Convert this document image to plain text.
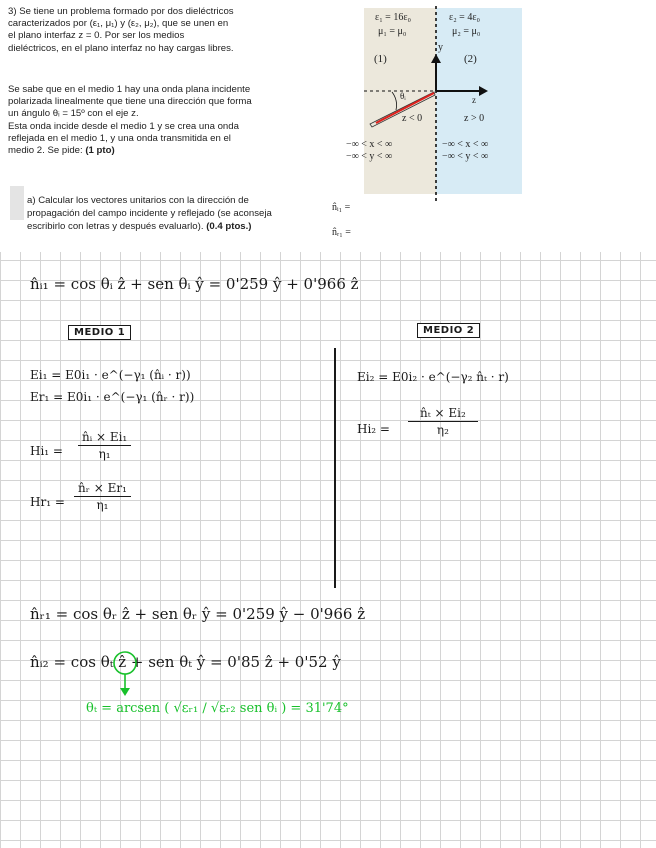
3) Se tiene un problema formado por dos dieléctricos
caracterizados por (ε₁, μ₁) y (ε₂, μ₂), que se unen en
el plano interfaz z = 0. Por ser los medios
dieléctricos, en el plano interfaz no hay cargas libres.
Se sabe que en el medio 1 hay una onda plana incidente
polarizada linealmente que tiene una dirección que forma
un ángulo θᵢ = 15º con el eje z.
Esta onda incide desde el medio 1 y se crea una onda
reflejada en el medio 1, y una onda transmitida en el
medio 2. Se pide: (1 pto)
ε₁ = 16ε₀
μ₁ = μ₀
ε₂ = 4ε₀
μ₂ = μ₀
(1)	(2)
y
z
θᵢ
z < 0	z > 0
−∞ < x < ∞
−∞ < y < ∞
−∞ < x < ∞
−∞ < y < ∞
a) Calcular los vectores unitarios con la dirección de
propagación del campo incidente y reflejado (se aconseja
escribirlo con letras y después evaluarlo). (0.4 ptos.)
n̂ᵢ₁ =
n̂ᵣ₁ =
n̂ᵢ₁ = cos θᵢ ẑ + sen θᵢ ŷ = 0'259 ŷ + 0'966 ẑ
MEDIO 1	MEDIO 2
Ei₁ = E0i₁ · e^(−γ₁ (n̂ᵢ · r))
Er₁ = E0i₁ · e^(−γ₁ (n̂ᵣ · r))
$Hi_1 = \frac{\text{n̂ᵢ × Ei₁}}{\text{η₁}}$
$Hr_1 = \frac{\text{n̂ᵣ × Er₁}}{\text{η₁}}$
Ei₂ = E0i₂ · e^(−γ₂ n̂ₜ · r)
$Hi_2 = \frac{\text{n̂ₜ × Ei₂}}{\text{η₂}}$
n̂ᵣ₁ = cos θᵣ ẑ + sen θᵣ ŷ = 0'259 ŷ − 0'966 ẑ
n̂ᵢ₂ = cos θₜ ẑ + sen θₜ ŷ = 0'85 ẑ + 0'52 ŷ
θₜ = arcsen ( √εᵣ₁ / √εᵣ₂ sen θᵢ ) = 31'74°
